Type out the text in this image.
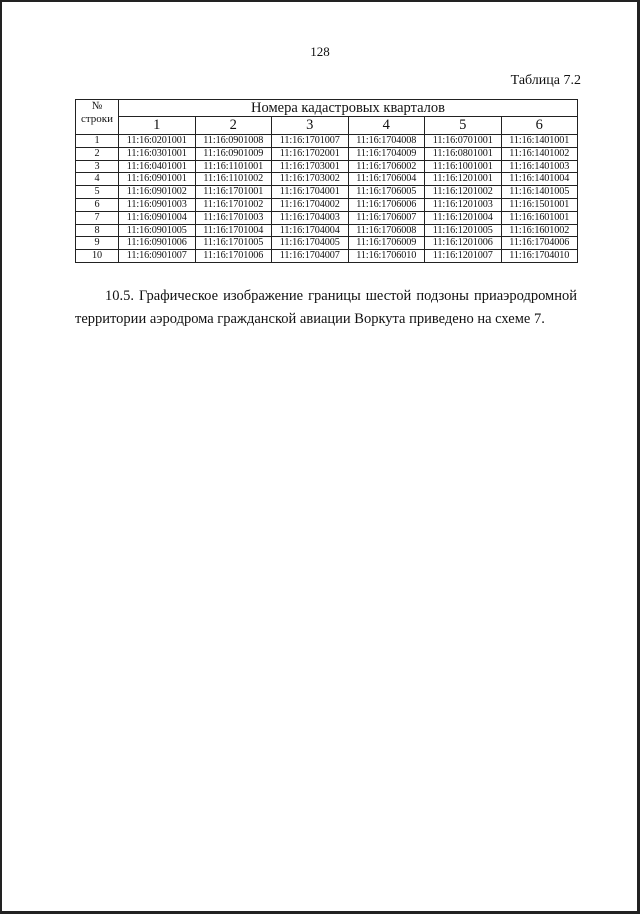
128
Таблица 7.2
№
строки	Номера кадастровых кварталов					
	1	2	3	4	5	6
1	11:16:0201001	11:16:0901008	11:16:1701007	11:16:1704008	11:16:0701001	11:16:1401001
2	11:16:0301001	11:16:0901009	11:16:1702001	11:16:1704009	11:16:0801001	11:16:1401002
3	11:16:0401001	11:16:1101001	11:16:1703001	11:16:1706002	11:16:1001001	11:16:1401003
4	11:16:0901001	11:16:1101002	11:16:1703002	11:16:1706004	11:16:1201001	11:16:1401004
5	11:16:0901002	11:16:1701001	11:16:1704001	11:16:1706005	11:16:1201002	11:16:1401005
6	11:16:0901003	11:16:1701002	11:16:1704002	11:16:1706006	11:16:1201003	11:16:1501001
7	11:16:0901004	11:16:1701003	11:16:1704003	11:16:1706007	11:16:1201004	11:16:1601001
8	11:16:0901005	11:16:1701004	11:16:1704004	11:16:1706008	11:16:1201005	11:16:1601002
9	11:16:0901006	11:16:1701005	11:16:1704005	11:16:1706009	11:16:1201006	11:16:1704006
10	11:16:0901007	11:16:1701006	11:16:1704007	11:16:1706010	11:16:1201007	11:16:1704010

10.5. Графическое изображение границы шестой подзоны приаэродромной
территории аэродрома гражданской авиации Воркута приведено на схеме 7.
